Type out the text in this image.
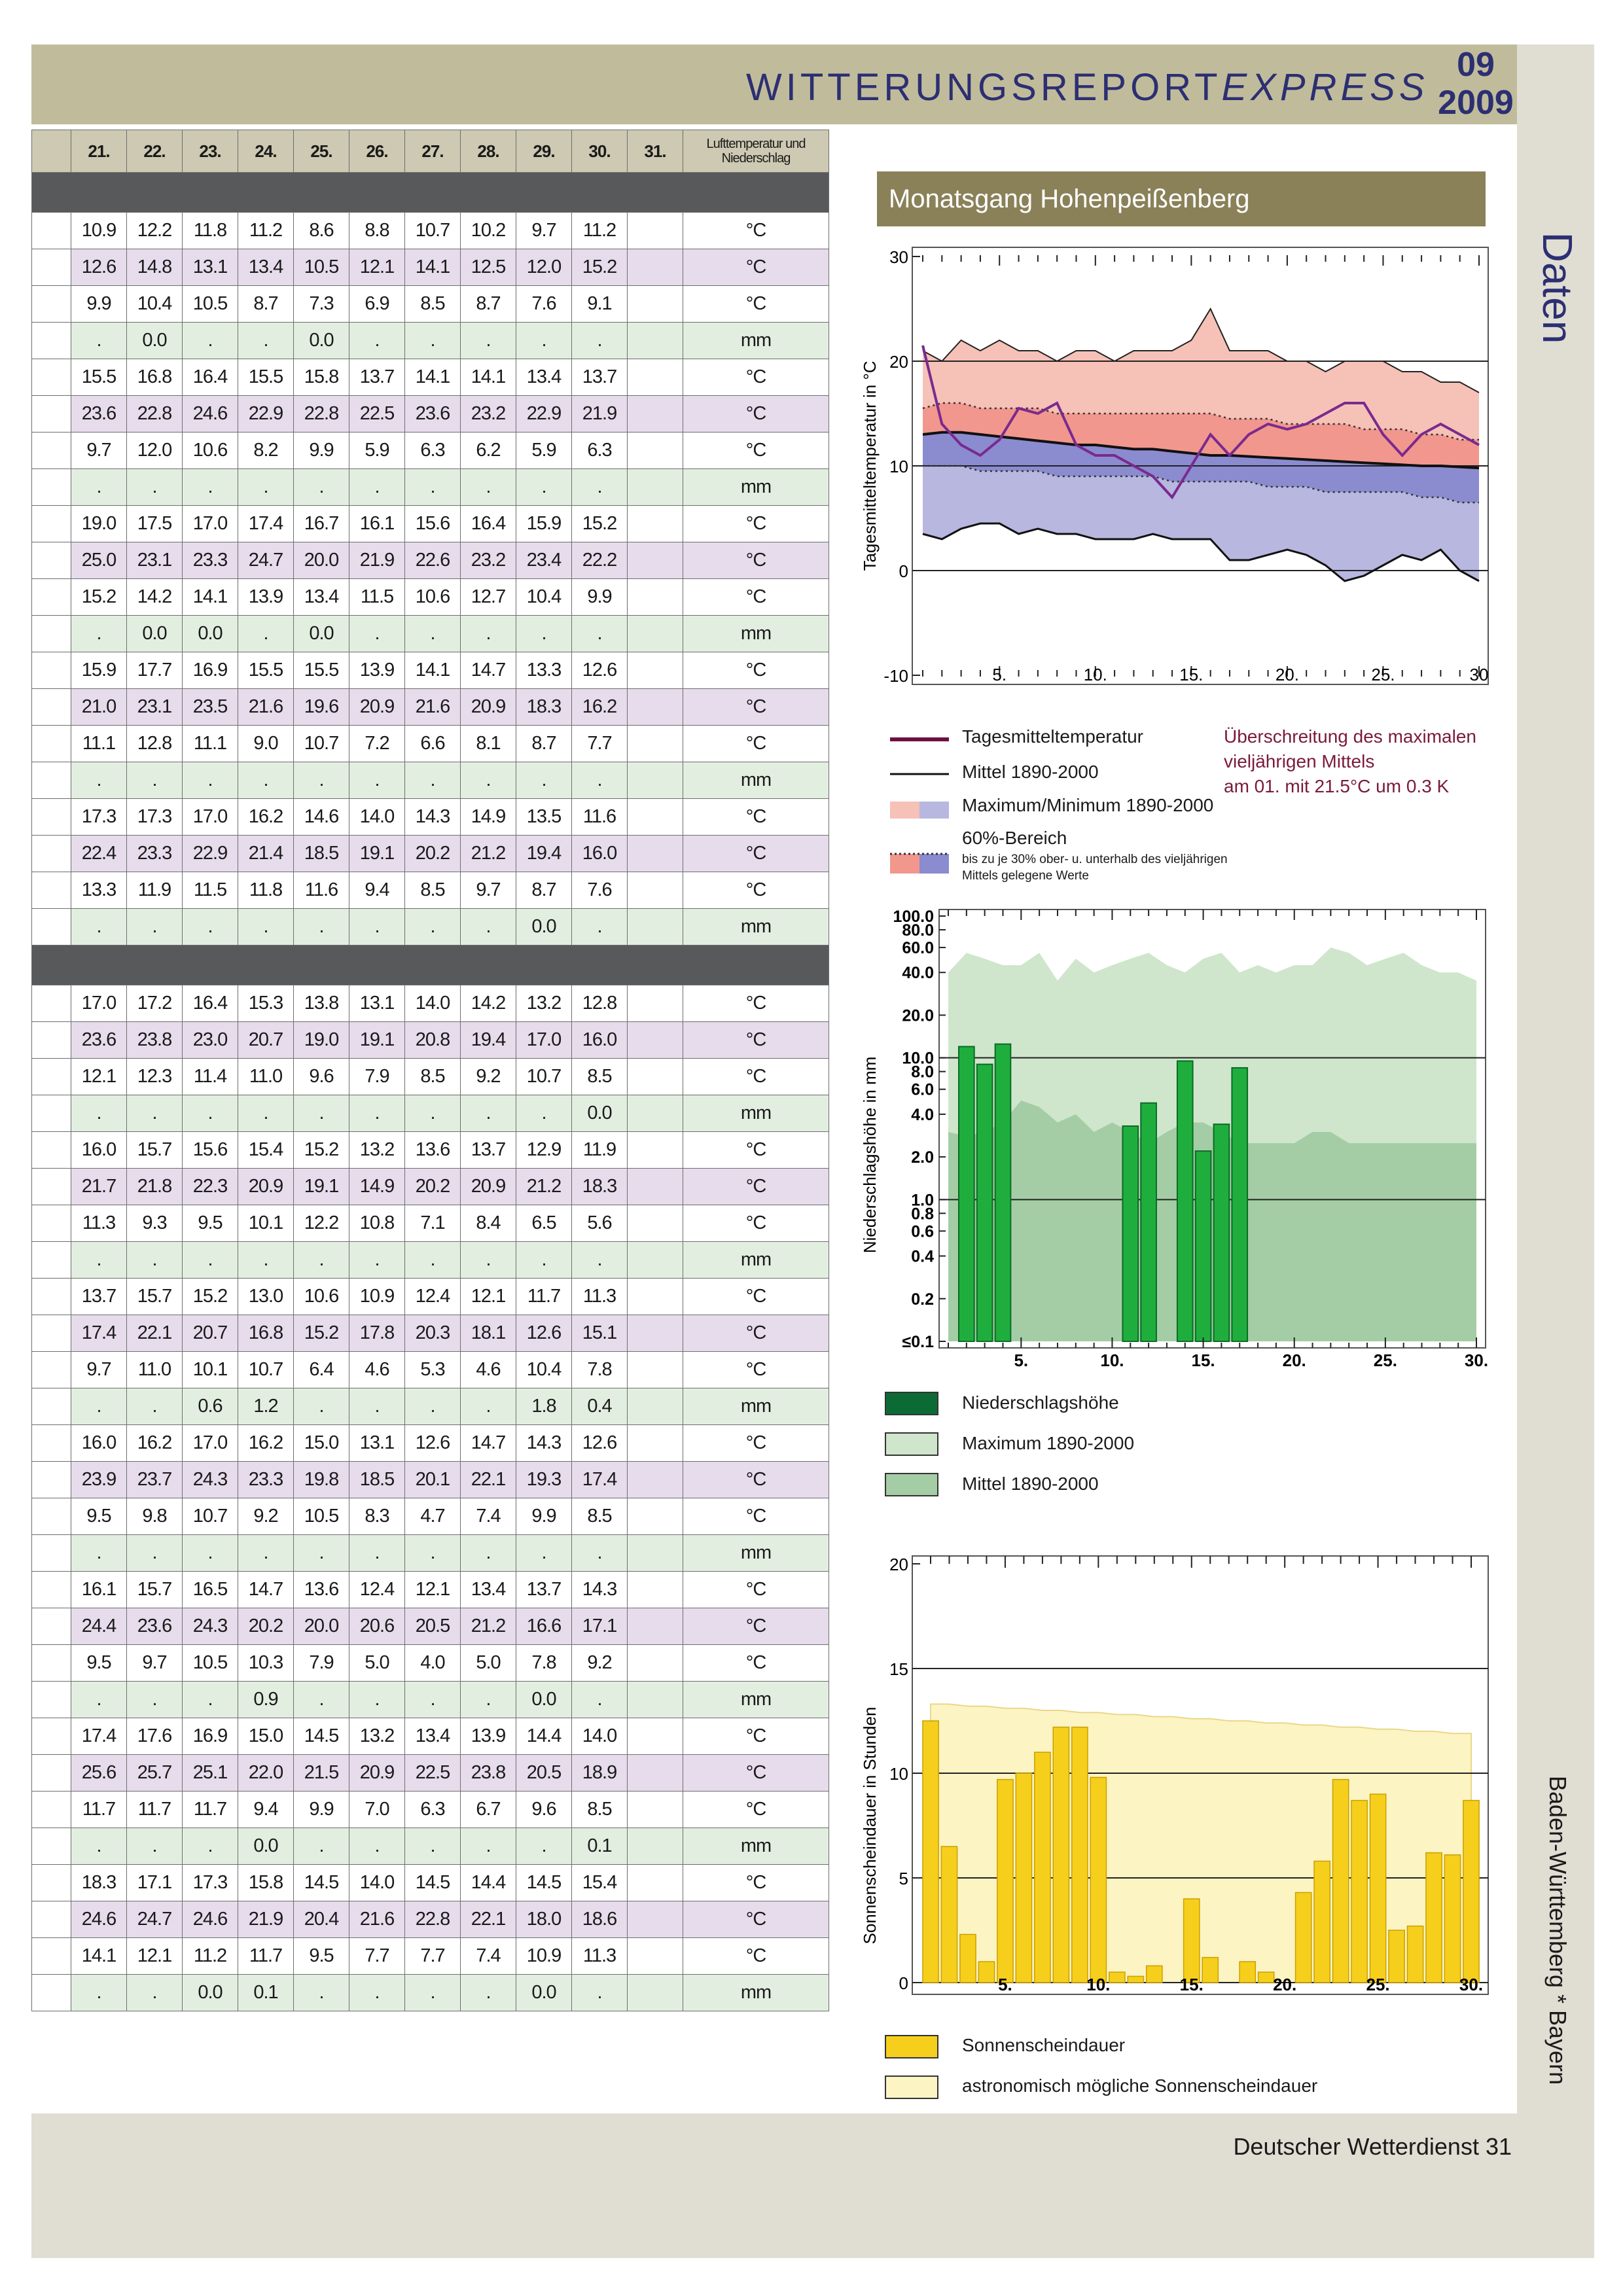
WITTERUNGSREPORTEXPRESS
09
2009
Daten
Baden-Württemberg * Bayern
	21.	22.	23.	24.	25.	26.	27.	28.	29.	30.	31.	Lufttemperatur und Niederschlag

	10.9	12.2	11.8	11.2	8.6	8.8	10.7	10.2	9.7	11.2		°C
	12.6	14.8	13.1	13.4	10.5	12.1	14.1	12.5	12.0	15.2		°C
	9.9	10.4	10.5	8.7	7.3	6.9	8.5	8.7	7.6	9.1		°C
	.	0.0	.	.	0.0	.	.	.	.	.		mm
	15.5	16.8	16.4	15.5	15.8	13.7	14.1	14.1	13.4	13.7		°C
	23.6	22.8	24.6	22.9	22.8	22.5	23.6	23.2	22.9	21.9		°C
	9.7	12.0	10.6	8.2	9.9	5.9	6.3	6.2	5.9	6.3		°C
	.	.	.	.	.	.	.	.	.	.		mm
	19.0	17.5	17.0	17.4	16.7	16.1	15.6	16.4	15.9	15.2		°C
	25.0	23.1	23.3	24.7	20.0	21.9	22.6	23.2	23.4	22.2		°C
	15.2	14.2	14.1	13.9	13.4	11.5	10.6	12.7	10.4	9.9		°C
	.	0.0	0.0	.	0.0	.	.	.	.	.		mm
	15.9	17.7	16.9	15.5	15.5	13.9	14.1	14.7	13.3	12.6		°C
	21.0	23.1	23.5	21.6	19.6	20.9	21.6	20.9	18.3	16.2		°C
	11.1	12.8	11.1	9.0	10.7	7.2	6.6	8.1	8.7	7.7		°C
	.	.	.	.	.	.	.	.	.	.		mm
	17.3	17.3	17.0	16.2	14.6	14.0	14.3	14.9	13.5	11.6		°C
	22.4	23.3	22.9	21.4	18.5	19.1	20.2	21.2	19.4	16.0		°C
	13.3	11.9	11.5	11.8	11.6	9.4	8.5	9.7	8.7	7.6		°C
	.	.	.	.	.	.	.	.	0.0	.		mm

	17.0	17.2	16.4	15.3	13.8	13.1	14.0	14.2	13.2	12.8		°C
	23.6	23.8	23.0	20.7	19.0	19.1	20.8	19.4	17.0	16.0		°C
	12.1	12.3	11.4	11.0	9.6	7.9	8.5	9.2	10.7	8.5		°C
	.	.	.	.	.	.	.	.	.	0.0		mm
	16.0	15.7	15.6	15.4	15.2	13.2	13.6	13.7	12.9	11.9		°C
	21.7	21.8	22.3	20.9	19.1	14.9	20.2	20.9	21.2	18.3		°C
	11.3	9.3	9.5	10.1	12.2	10.8	7.1	8.4	6.5	5.6		°C
	.	.	.	.	.	.	.	.	.	.		mm
	13.7	15.7	15.2	13.0	10.6	10.9	12.4	12.1	11.7	11.3		°C
	17.4	22.1	20.7	16.8	15.2	17.8	20.3	18.1	12.6	15.1		°C
	9.7	11.0	10.1	10.7	6.4	4.6	5.3	4.6	10.4	7.8		°C
	.	.	0.6	1.2	.	.	.	.	1.8	0.4		mm
	16.0	16.2	17.0	16.2	15.0	13.1	12.6	14.7	14.3	12.6		°C
	23.9	23.7	24.3	23.3	19.8	18.5	20.1	22.1	19.3	17.4		°C
	9.5	9.8	10.7	9.2	10.5	8.3	4.7	7.4	9.9	8.5		°C
	.	.	.	.	.	.	.	.	.	.		mm
	16.1	15.7	16.5	14.7	13.6	12.4	12.1	13.4	13.7	14.3		°C
	24.4	23.6	24.3	20.2	20.0	20.6	20.5	21.2	16.6	17.1		°C
	9.5	9.7	10.5	10.3	7.9	5.0	4.0	5.0	7.8	9.2		°C
	.	.	.	0.9	.	.	.	.	0.0	.		mm
	17.4	17.6	16.9	15.0	14.5	13.2	13.4	13.9	14.4	14.0		°C
	25.6	25.7	25.1	22.0	21.5	20.9	22.5	23.8	20.5	18.9		°C
	11.7	11.7	11.7	9.4	9.9	7.0	6.3	6.7	9.6	8.5		°C
	.	.	.	0.0	.	.	.	.	.	0.1		mm
	18.3	17.1	17.3	15.8	14.5	14.0	14.5	14.4	14.5	15.4		°C
	24.6	24.7	24.6	21.9	20.4	21.6	22.8	22.1	18.0	18.6		°C
	14.1	12.1	11.2	11.7	9.5	7.7	7.7	7.4	10.9	11.3		°C
	.	.	0.0	0.1	.	.	.	.	0.0	.		mm
Monatsgang Hohenpeißenberg
30
20
10
0
-10	5.	10.	15.	20.	25.	30
Tagesmitteltemperatur in °C
100.0
80.0
60.0
40.0
20.0
10.0
8.0
6.0
4.0
2.0
1.0
0.8
0.6
0.4
0.2
≤0.1
5.	10.	15.	20.	25.	30.
Niederschlagshöhe in mm
20
15
10
5
0	5.	10.	15.	20.	25.	30.
Sonnenscheindauer in Stunden
Tagesmitteltemperatur
Mittel 1890-2000
Maximum/Minimum 1890-2000
60%-Bereich
bis zu je 30% ober- u. unterhalb des vieljährigen
Mittels gelegene Werte
Überschreitung des maximalen
vieljährigen Mittels
am 01. mit 21.5°C um 0.3 K
Niederschlagshöhe
Maximum 1890-2000
Mittel 1890-2000
Sonnenscheindauer
astronomisch mögliche Sonnenscheindauer
Deutscher Wetterdienst 31
